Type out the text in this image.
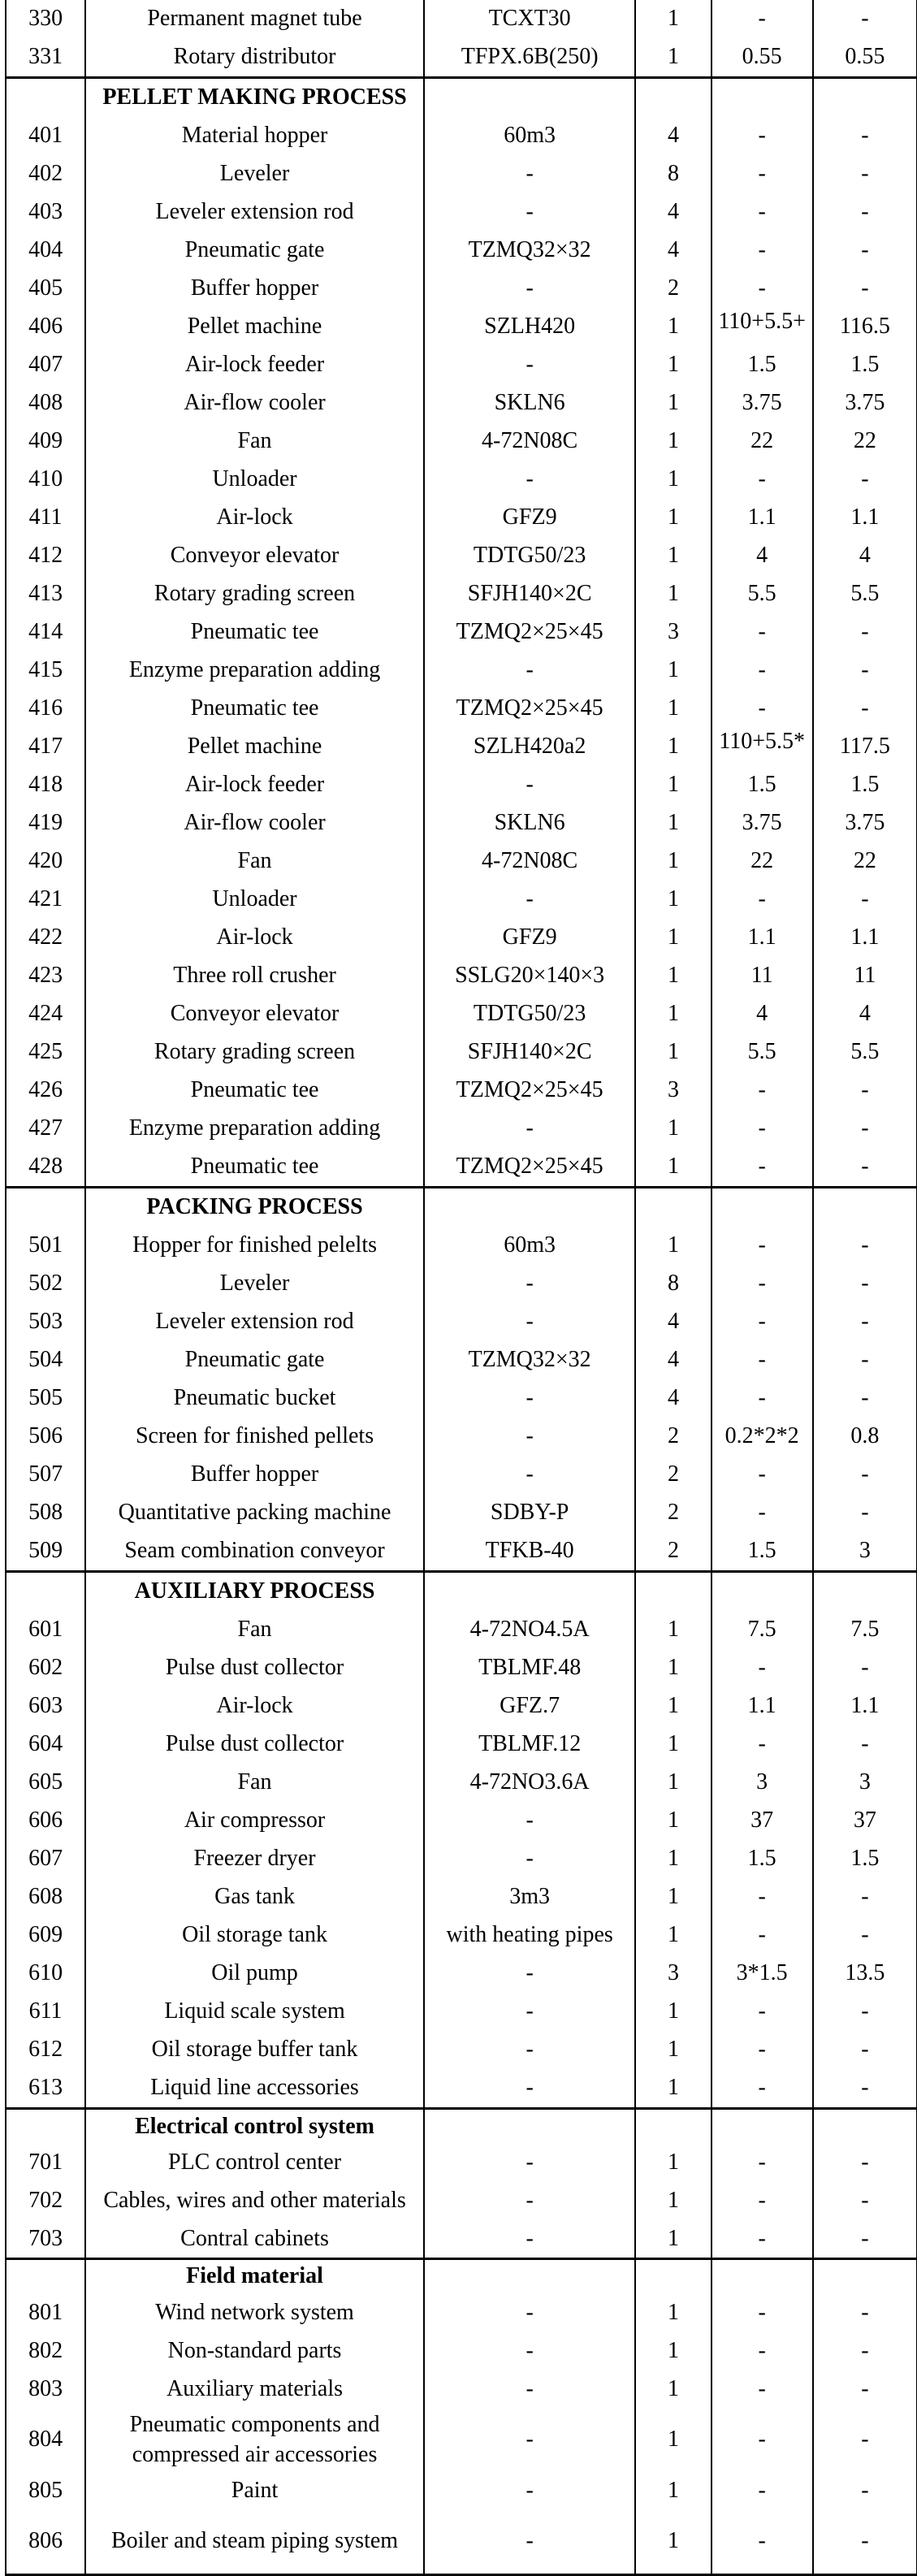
330	Permanent magnet tube	TCXT30	1	-	-
331	Rotary distributor	TFPX.6B(250)	1	0.55	0.55
	PELLET MAKING PROCESS				
401	Material hopper	60m3	4	-	-
402	Leveler	-	8	-	-
403	Leveler extension rod	-	4	-	-
404	Pneumatic gate	TZMQ32×32	4	-	-
405	Buffer hopper	-	2	-	-
406	Pellet machine	SZLH420	1	110+5.5+	116.5
407	Air-lock feeder	-	1	1.5	1.5
408	Air-flow cooler	SKLN6	1	3.75	3.75
409	Fan	4-72N08C	1	22	22
410	Unloader	-	1	-	-
411	Air-lock	GFZ9	1	1.1	1.1
412	Conveyor elevator	TDTG50/23	1	4	4
413	Rotary grading screen	SFJH140×2C	1	5.5	5.5
414	Pneumatic tee	TZMQ2×25×45	3	-	-
415	Enzyme preparation adding	-	1	-	-
416	Pneumatic tee	TZMQ2×25×45	1	-	-
417	Pellet machine	SZLH420a2	1	110+5.5*	117.5
418	Air-lock feeder	-	1	1.5	1.5
419	Air-flow cooler	SKLN6	1	3.75	3.75
420	Fan	4-72N08C	1	22	22
421	Unloader	-	1	-	-
422	Air-lock	GFZ9	1	1.1	1.1
423	Three roll crusher	SSLG20×140×3	1	11	11
424	Conveyor elevator	TDTG50/23	1	4	4
425	Rotary grading screen	SFJH140×2C	1	5.5	5.5
426	Pneumatic tee	TZMQ2×25×45	3	-	-
427	Enzyme preparation adding	-	1	-	-
428	Pneumatic tee	TZMQ2×25×45	1	-	-
	PACKING PROCESS				
501	Hopper for finished pelelts	60m3	1	-	-
502	Leveler	-	8	-	-
503	Leveler extension rod	-	4	-	-
504	Pneumatic gate	TZMQ32×32	4	-	-
505	Pneumatic bucket	-	4	-	-
506	Screen for finished pellets	-	2	0.2*2*2	0.8
507	Buffer hopper	-	2	-	-
508	Quantitative packing machine	SDBY-P	2	-	-
509	Seam combination conveyor	TFKB-40	2	1.5	3
	AUXILIARY PROCESS				
601	Fan	4-72NO4.5A	1	7.5	7.5
602	Pulse dust collector	TBLMF.48	1	-	-
603	Air-lock	GFZ.7	1	1.1	1.1
604	Pulse dust collector	TBLMF.12	1	-	-
605	Fan	4-72NO3.6A	1	3	3
606	Air compressor	-	1	37	37
607	Freezer dryer	-	1	1.5	1.5
608	Gas tank	3m3	1	-	-
609	Oil storage tank	with heating pipes	1	-	-
610	Oil pump	-	3	3*1.5	13.5
611	Liquid scale system	-	1	-	-
612	Oil storage buffer tank	-	1	-	-
613	Liquid line accessories	-	1	-	-
	Electrical control system				
701	PLC control center	-	1	-	-
702	Cables, wires and other materials	-	1	-	-
703	Contral cabinets	-	1	-	-
	Field material				
801	Wind network system	-	1	-	-
802	Non-standard parts	-	1	-	-
803	Auxiliary materials	-	1	-	-
804	Pneumatic components and compressed air accessories	-	1	-	-
805	Paint	-	1	-	-
806	Boiler and steam piping system	-	1	-	-
